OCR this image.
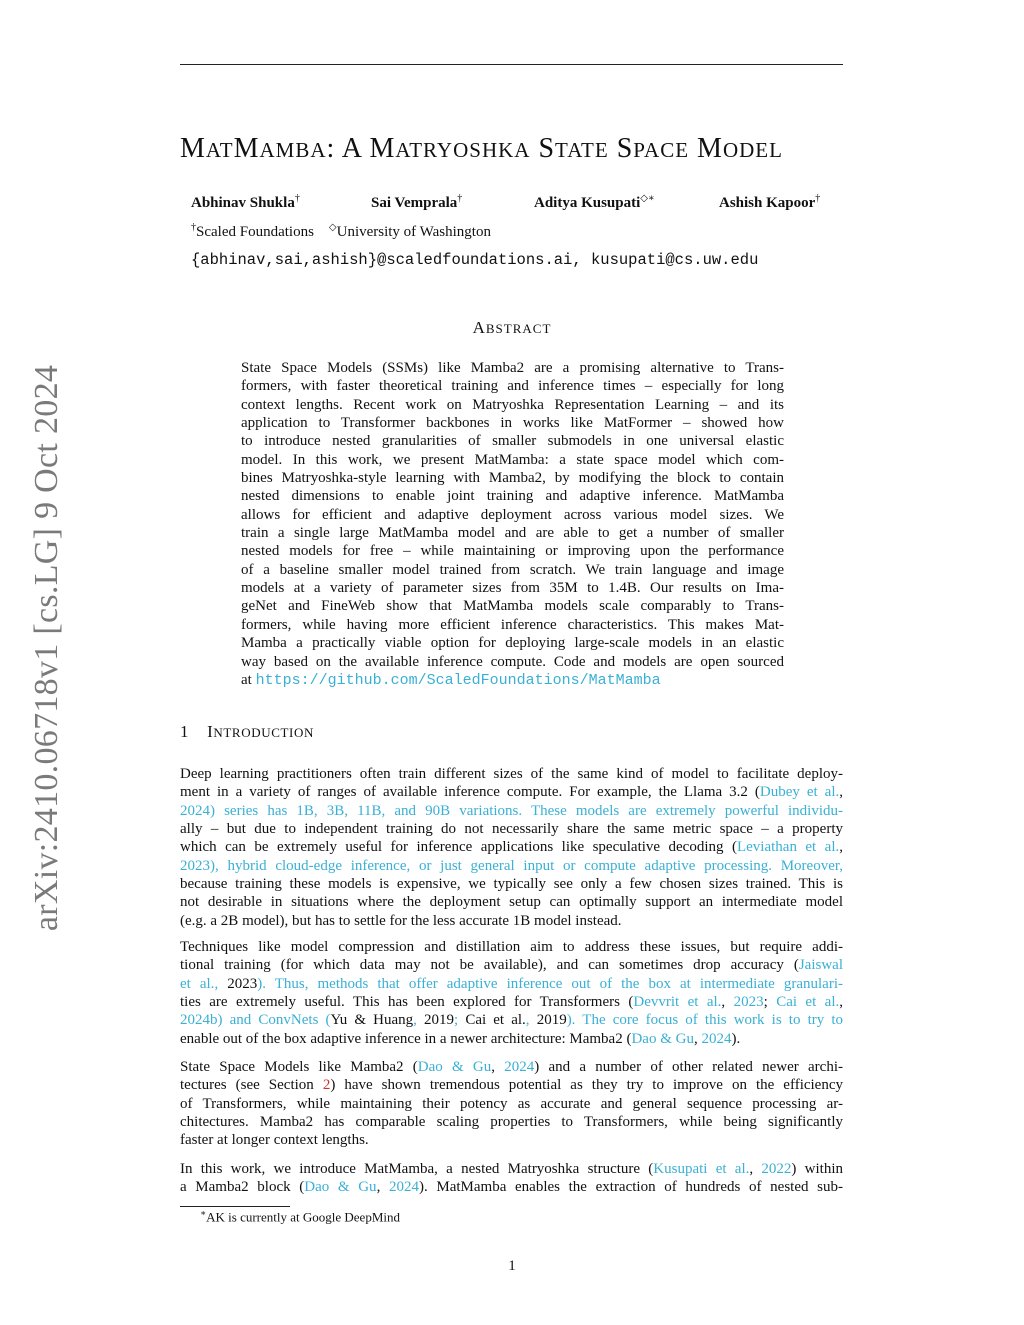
arXiv:2410.06718v1 [cs.LG] 9 Oct 2024
MATMAMBA: A MATRYOSHKA STATE SPACE MODEL
Abhinav Shukla†	Sai Vemprala†	Aditya Kusupati◇∗	Ashish Kapoor†
†Scaled Foundations ◇University of Washington
{abhinav,sai,ashish}@scaledfoundations.ai, kusupati@cs.uw.edu
ABSTRACT
State Space Models (SSMs) like Mamba2 are a promising alternative to Trans-
formers, with faster theoretical training and inference times – especially for long
context lengths. Recent work on Matryoshka Representation Learning – and its
application to Transformer backbones in works like MatFormer – showed how
to introduce nested granularities of smaller submodels in one universal elastic
model. In this work, we present MatMamba: a state space model which com-
bines Matryoshka-style learning with Mamba2, by modifying the block to contain
nested dimensions to enable joint training and adaptive inference. MatMamba
allows for efficient and adaptive deployment across various model sizes. We
train a single large MatMamba model and are able to get a number of smaller
nested models for free – while maintaining or improving upon the performance
of a baseline smaller model trained from scratch. We train language and image
models at a variety of parameter sizes from 35M to 1.4B. Our results on Ima-
geNet and FineWeb show that MatMamba models scale comparably to Trans-
formers, while having more efficient inference characteristics. This makes Mat-
Mamba a practically viable option for deploying large-scale models in an elastic
way based on the available inference compute. Code and models are open sourced
at https://github.com/ScaledFoundations/MatMamba
1 INTRODUCTION
Deep learning practitioners often train different sizes of the same kind of model to facilitate deploy-
ment in a variety of ranges of available inference compute. For example, the Llama 3.2 (Dubey et al.,
2024) series has 1B, 3B, 11B, and 90B variations. These models are extremely powerful individu-
ally – but due to independent training do not necessarily share the same metric space – a property
which can be extremely useful for inference applications like speculative decoding (Leviathan et al.,
2023), hybrid cloud-edge inference, or just general input or compute adaptive processing. Moreover,
because training these models is expensive, we typically see only a few chosen sizes trained. This is
not desirable in situations where the deployment setup can optimally support an intermediate model
(e.g. a 2B model), but has to settle for the less accurate 1B model instead.
Techniques like model compression and distillation aim to address these issues, but require addi-
tional training (for which data may not be available), and can sometimes drop accuracy (Jaiswal
et al., 2023). Thus, methods that offer adaptive inference out of the box at intermediate granulari-
ties are extremely useful. This has been explored for Transformers (Devvrit et al., 2023; Cai et al.,
2024b) and ConvNets (Yu & Huang, 2019; Cai et al., 2019). The core focus of this work is to try to
enable out of the box adaptive inference in a newer architecture: Mamba2 (Dao & Gu, 2024).
State Space Models like Mamba2 (Dao & Gu, 2024) and a number of other related newer archi-
tectures (see Section 2) have shown tremendous potential as they try to improve on the efficiency
of Transformers, while maintaining their potency as accurate and general sequence processing ar-
chitectures. Mamba2 has comparable scaling properties to Transformers, while being significantly
faster at longer context lengths.
In this work, we introduce MatMamba, a nested Matryoshka structure (Kusupati et al., 2022) within
a Mamba2 block (Dao & Gu, 2024). MatMamba enables the extraction of hundreds of nested sub-
∗AK is currently at Google DeepMind
1
